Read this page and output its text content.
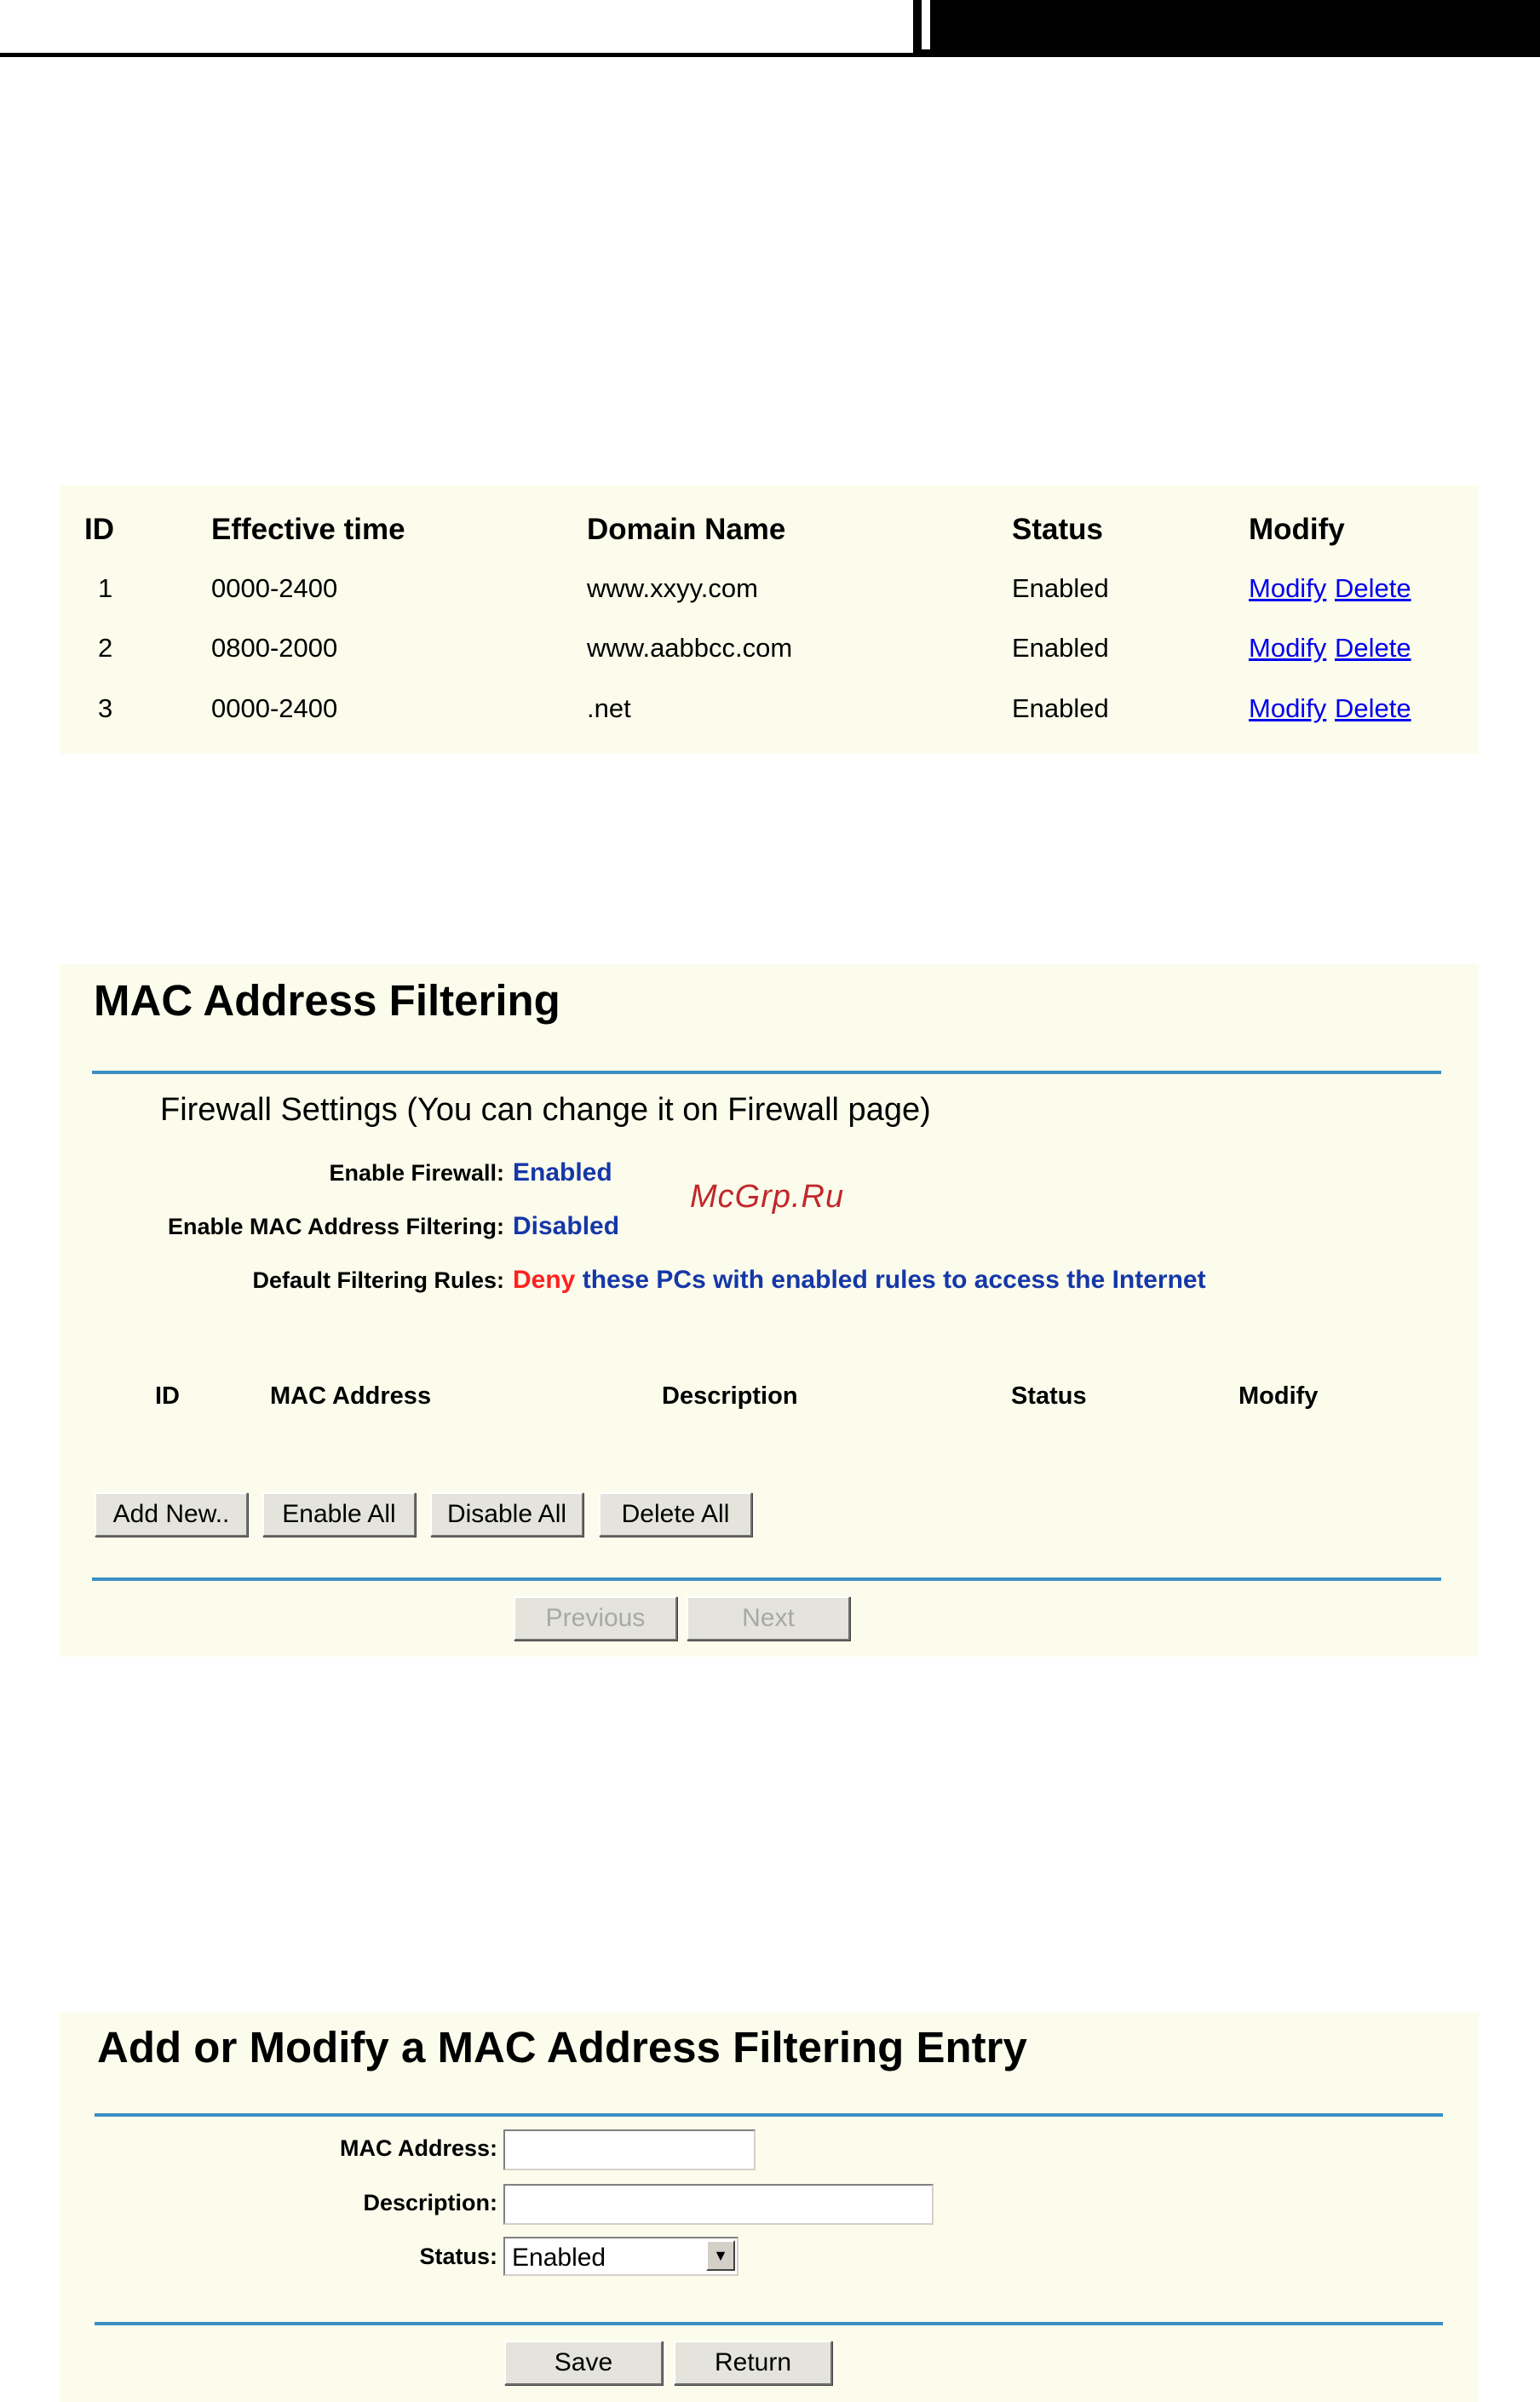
ID	Effective time	Domain Name	Status	Modify
1	0000-2400	www.xxyy.com	Enabled	Modify Delete
2	0800-2000	www.aabbcc.com	Enabled	Modify Delete
3	0000-2400	.net	Enabled	Modify Delete
MAC Address Filtering
Firewall Settings (You can change it on Firewall page)
Enable Firewall: Enabled
Enable MAC Address Filtering: Disabled
McGrp.Ru
Default Filtering Rules: Deny these PCs with enabled rules to access the Internet
ID	MAC Address	Description	Status	Modify
Add New..	Enable All	Disable All	Delete All
Previous	Next
Add or Modify a MAC Address Filtering Entry
MAC Address:
Description:
Status: Enabled	▼
Save	Return
